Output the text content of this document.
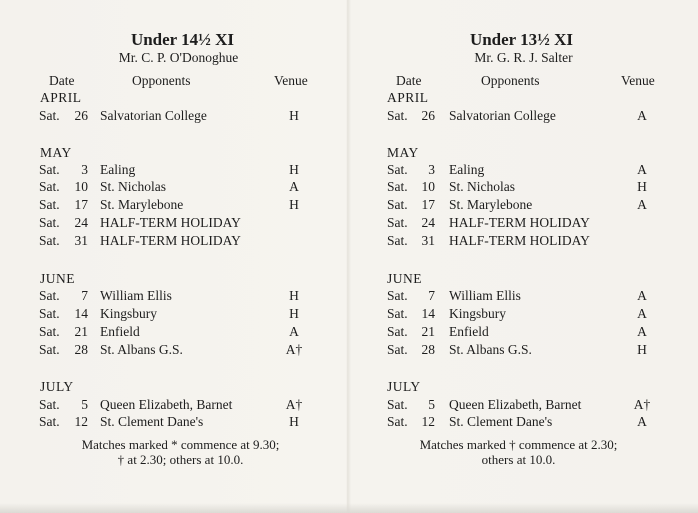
Under 14½ XI
Mr. C. P. O'Donoghue
Date	Opponents	Venue
APRIL
Sat.	26 Salvatorian College	H
MAY
Sat.	3 Ealing	H
Sat.	10 St. Nicholas	A
Sat.	17 St. Marylebone	H
Sat.	24 HALF-TERM HOLIDAY
Sat.	31 HALF-TERM HOLIDAY
JUNE
Sat.	7 William Ellis	H
Sat.	14 Kingsbury	H
Sat.	21 Enfield	A
Sat.	28 St. Albans G.S.	A†
JULY
Sat.	5 Queen Elizabeth, Barnet	A†
Sat.	12 St. Clement Dane's	H
Matches marked * commence at 9.30;
† at 2.30; others at 10.0.
Under 13½ XI
Mr. G. R. J. Salter
Date	Opponents	Venue
APRIL
Sat.	26 Salvatorian College	A
MAY
Sat.	3 Ealing	A
Sat.	10 St. Nicholas	H
Sat.	17 St. Marylebone	A
Sat.	24 HALF-TERM HOLIDAY
Sat.	31 HALF-TERM HOLIDAY
JUNE
Sat.	7 William Ellis	A
Sat.	14 Kingsbury	A
Sat.	21 Enfield	A
Sat.	28 St. Albans G.S.	H
JULY
Sat.	5 Queen Elizabeth, Barnet	A†
Sat.	12 St. Clement Dane's	A
Matches marked † commence at 2.30;
others at 10.0.
